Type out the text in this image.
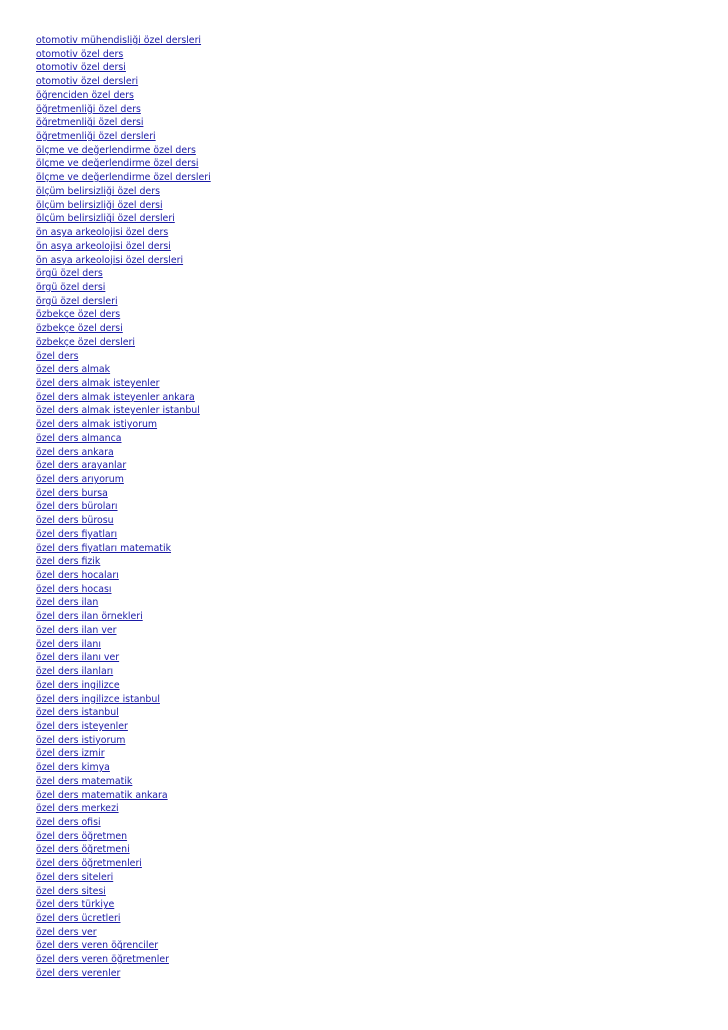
otomotiv mühendisliği özel dersleri
otomotiv özel ders
otomotiv özel dersi
otomotiv özel dersleri
öğrenciden özel ders
öğretmenliği özel ders
öğretmenliği özel dersi
öğretmenliği özel dersleri
ölçme ve değerlendirme özel ders
ölçme ve değerlendirme özel dersi
ölçme ve değerlendirme özel dersleri
ölçüm belirsizliği özel ders
ölçüm belirsizliği özel dersi
ölçüm belirsizliği özel dersleri
ön asya arkeolojisi özel ders
ön asya arkeolojisi özel dersi
ön asya arkeolojisi özel dersleri
örgü özel ders
örgü özel dersi
örgü özel dersleri
özbekçe özel ders
özbekçe özel dersi
özbekçe özel dersleri
özel ders
özel ders almak
özel ders almak isteyenler
özel ders almak isteyenler ankara
özel ders almak isteyenler istanbul
özel ders almak istiyorum
özel ders almanca
özel ders ankara
özel ders arayanlar
özel ders arıyorum
özel ders bursa
özel ders büroları
özel ders bürosu
özel ders fiyatları
özel ders fiyatları matematik
özel ders fizik
özel ders hocaları
özel ders hocası
özel ders ilan
özel ders ilan örnekleri
özel ders ilan ver
özel ders ilanı
özel ders ilanı ver
özel ders ilanları
özel ders ingilizce
özel ders ingilizce istanbul
özel ders istanbul
özel ders isteyenler
özel ders istiyorum
özel ders izmir
özel ders kimya
özel ders matematik
özel ders matematik ankara
özel ders merkezi
özel ders ofisi
özel ders öğretmen
özel ders öğretmeni
özel ders öğretmenleri
özel ders siteleri
özel ders sitesi
özel ders türkiye
özel ders ücretleri
özel ders ver
özel ders veren öğrenciler
özel ders veren öğretmenler
özel ders verenler
